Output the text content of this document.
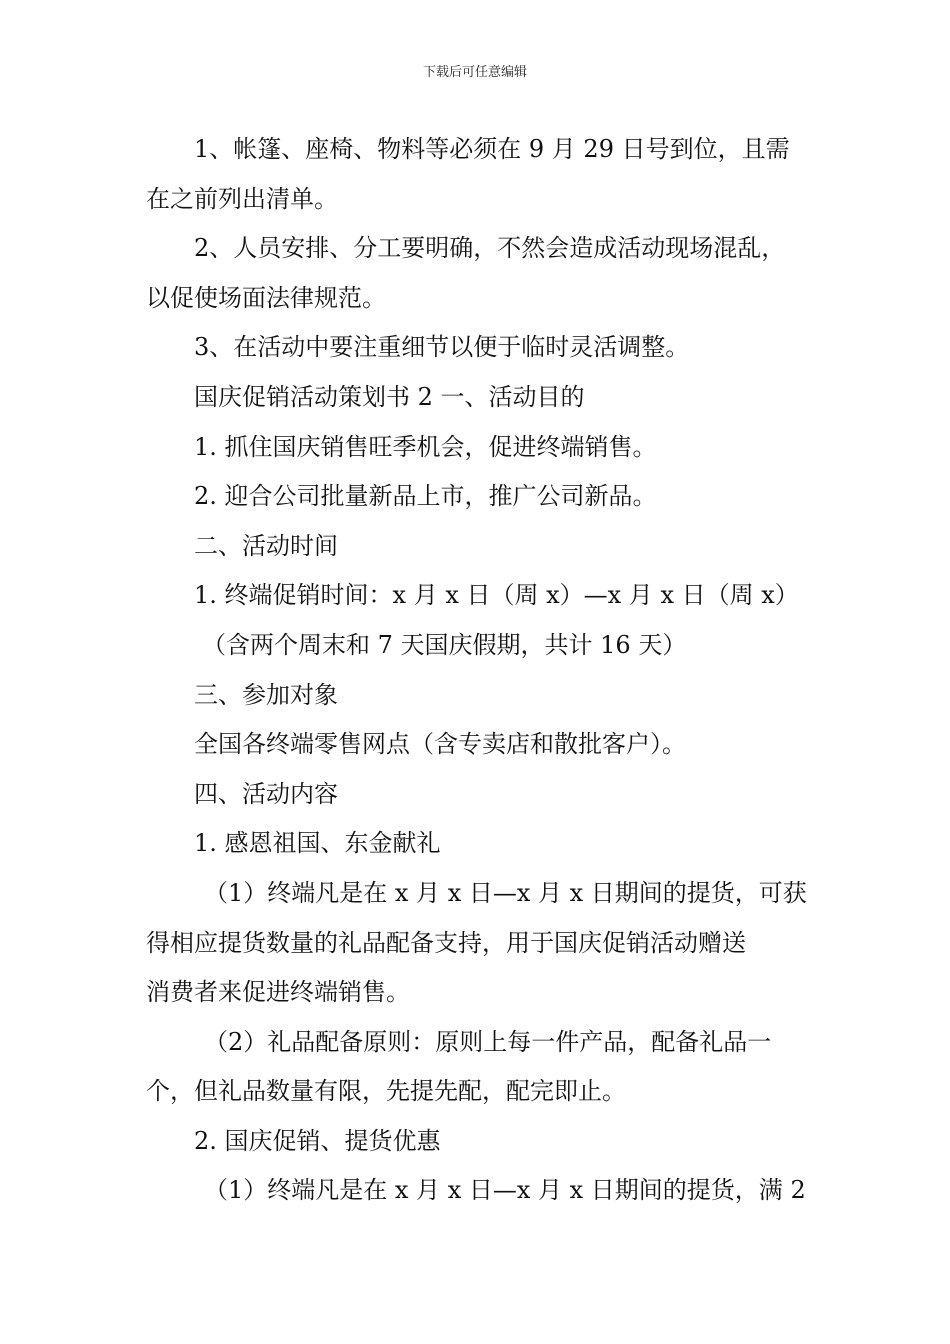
下载后可任意编辑
1、帐篷、座椅、物料等必须在 9 月 29 日号到位，且需
在之前列出清单。
2、人员安排、分工要明确，不然会造成活动现场混乱，
以促使场面法律规范。
3、在活动中要注重细节以便于临时灵活调整。
国庆促销活动策划书 2 一、活动目的
1. 抓住国庆销售旺季机会，促进终端销售。
2. 迎合公司批量新品上市，推广公司新品。
二、活动时间
1. 终端促销时间：x 月 x 日（周 x）—x 月 x 日（周 x）
（含两个周末和 7 天国庆假期，共计 16 天）
三、参加对象
全国各终端零售网点（含专卖店和散批客户）。
四、活动内容
1. 感恩祖国、东金献礼
（1）终端凡是在 x 月 x 日—x 月 x 日期间的提货，可获
得相应提货数量的礼品配备支持，用于国庆促销活动赠送
消费者来促进终端销售。
（2）礼品配备原则：原则上每一件产品，配备礼品一
个，但礼品数量有限，先提先配，配完即止。
2. 国庆促销、提货优惠
（1）终端凡是在 x 月 x 日—x 月 x 日期间的提货，满 2
